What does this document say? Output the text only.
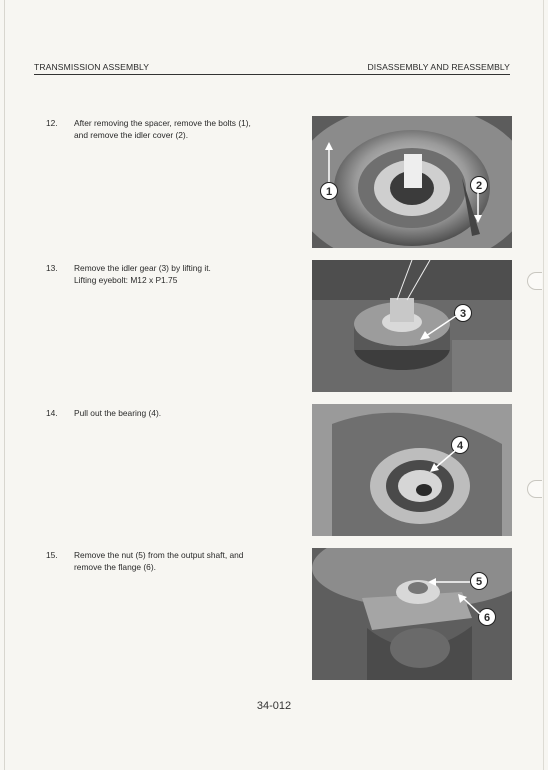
TRANSMISSION ASSEMBLY	DISASSEMBLY AND REASSEMBLY
12.	After removing the spacer, remove the bolts (1),
and remove the idler cover (2).
1	2
13.	Remove the idler gear (3) by lifting it.
Lifting eyebolt: M12 x P1.75
3
14.	Pull out the bearing (4).
4
15.	Remove the nut (5) from the output shaft, and
remove the flange (6).
5
6
34-012
